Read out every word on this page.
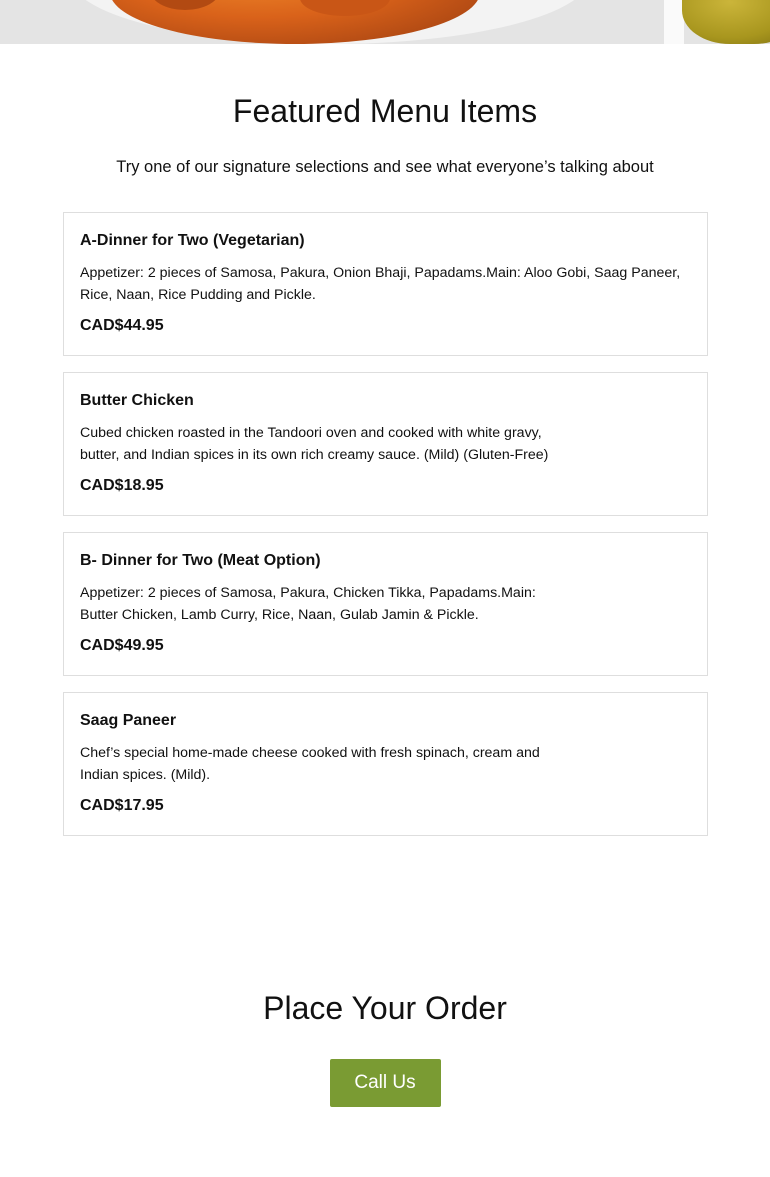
Featured Menu Items

Try one of our signature selections and see what everyone’s talking about

A-Dinner for Two (Vegetarian)
Appetizer: 2 pieces of Samosa, Pakura, Onion Bhaji, Papadams.Main: Aloo Gobi, Saag Paneer, Rice, Naan, Rice Pudding and Pickle.
CAD$44.95
Butter Chicken
Cubed chicken roasted in the Tandoori oven and cooked with white gravy, butter, and Indian spices in its own rich creamy sauce. (Mild) (Gluten-Free)
CAD$18.95
B- Dinner for Two (Meat Option)
Appetizer: 2 pieces of Samosa, Pakura, Chicken Tikka, Papadams.Main: Butter Chicken, Lamb Curry, Rice, Naan, Gulab Jamin & Pickle.
CAD$49.95
Saag Paneer
Chef’s special home-made cheese cooked with fresh spinach, cream and Indian spices. (Mild).
CAD$17.95
Place Your Order
Call Us
